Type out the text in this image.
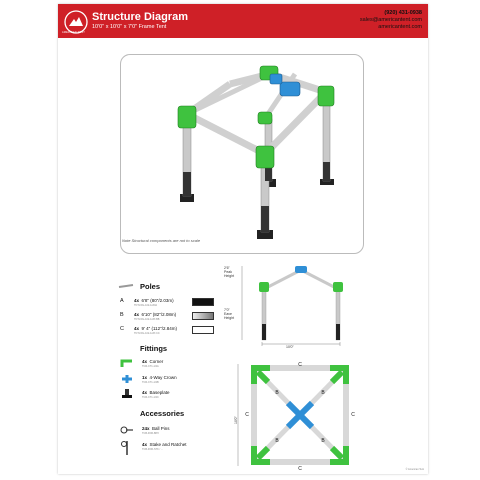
AMERICAN TENT
Structure Diagram
10'0" x 10'0" x 7'0" Frame Tent
(920) 431-0938
sales@americantent.com
americantent.com
Note Structural components are not to scale
Poles
A 4x 6'8" (80"/2.03m)
TNT-FRL-102-1/2DA
B 4x 6'10" (82"/2.08m)
TNT-FRL-102-1/2P-BB
C 4x 9' 4" (112"/2.84m)
TNT-FRL-102-1/2P-CC
Fittings
4x Corner
TCR-CT1-1/2A
1x 4-Way Crown
TCR-CT1-1/2B
4x Baseplate
TCR-CT1-1/2C
Accessories
24x Ball Pins
TCB-FOR-BPX
4x Stake and Ratchet
TCB-FOR-STK / ...
2'6" Peak Height
7'0" Eave Height
10'0"
C
C
C	C
B	B
B	B
10'0"
© American Tent
